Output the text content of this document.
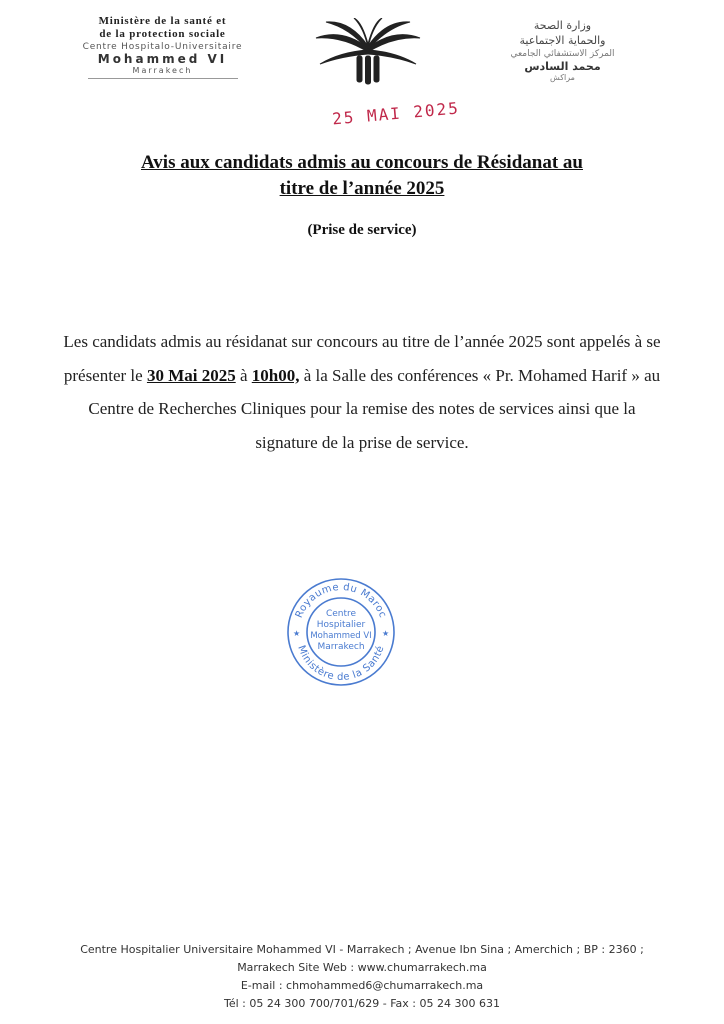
Ministère de la santé et
de la protection sociale
Centre Hospitalo-Universitaire
Mohammed VI
Marrakech
وزارة الصحة
والحماية الاجتماعية
المركز الاستشفائي الجامعي
محمد السادس
مراكش
25 MAI 2025
Avis aux candidats admis au concours de Résidanat au
titre de l’année 2025
(Prise de service)
Les candidats admis au résidanat sur concours au titre de l’année 2025 sont appelés à se présenter le 30 Mai 2025 à 10h00, à la Salle des conférences « Pr. Mohamed Harif » au Centre de Recherches Cliniques pour la remise des notes de services ainsi que la signature de la prise de service.
Royaume du Maroc
Ministère de la Santé
★	★
Centre
Hospitalier
Mohammed VI
Marrakech
Centre Hospitalier Universitaire Mohammed VI - Marrakech ; Avenue Ibn Sina ; Amerchich ; BP : 2360 ;
Marrakech Site Web : www.chumarrakech.ma
E-mail : chmohammed6@chumarrakech.ma
Tél : 05 24 300 700/701/629 - Fax : 05 24 300 631
